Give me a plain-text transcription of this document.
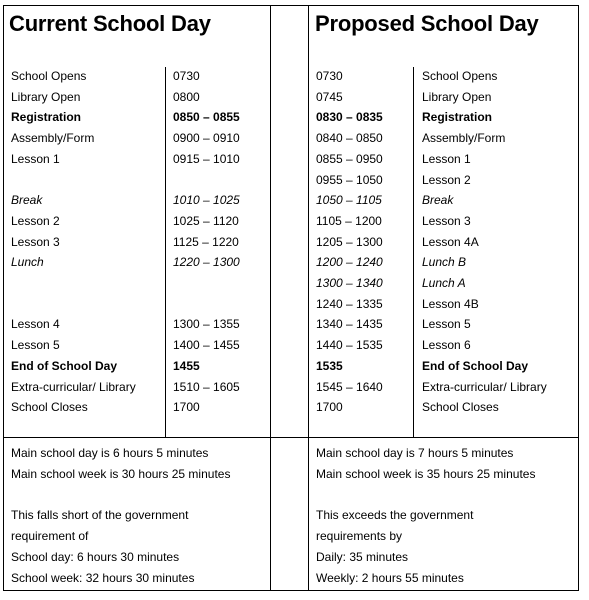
Current School Day	Proposed School Day
School Opens	0730
Library Open	0800
Registration	0850 – 0855
Assembly/Form	0900 – 0910
Lesson 1	0915 – 1010
Break	1010 – 1025
Lesson 2	1025 – 1120
Lesson 3	1125 – 1220
Lunch	1220 – 1300
Lesson 4	1300 – 1355
Lesson 5	1400 – 1455
End of School Day	1455
Extra-curricular/ Library	1510 – 1605
School Closes	1700
0730	School Opens
0745	Library Open
0830 – 0835	Registration
0840 – 0850	Assembly/Form
0855 – 0950	Lesson 1
0955 – 1050	Lesson 2
1050 – 1105	Break
1105 – 1200	Lesson 3
1205 – 1300	Lesson 4A
1200 – 1240	Lunch B
1300 – 1340	Lunch A
1240 – 1335	Lesson 4B
1340 – 1435	Lesson 5
1440 – 1535	Lesson 6
1535	End of School Day
1545 – 1640	Extra-curricular/ Library
1700	School Closes
Main school day is 6 hours 5 minutes
Main school week is 30 hours 25 minutes
This falls short of the government
requirement of
School day: 6 hours 30 minutes
School week: 32 hours 30 minutes
Main school day is 7 hours 5 minutes
Main school week is 35 hours 25 minutes
This exceeds the government
requirements by
Daily: 35 minutes
Weekly: 2 hours 55 minutes
